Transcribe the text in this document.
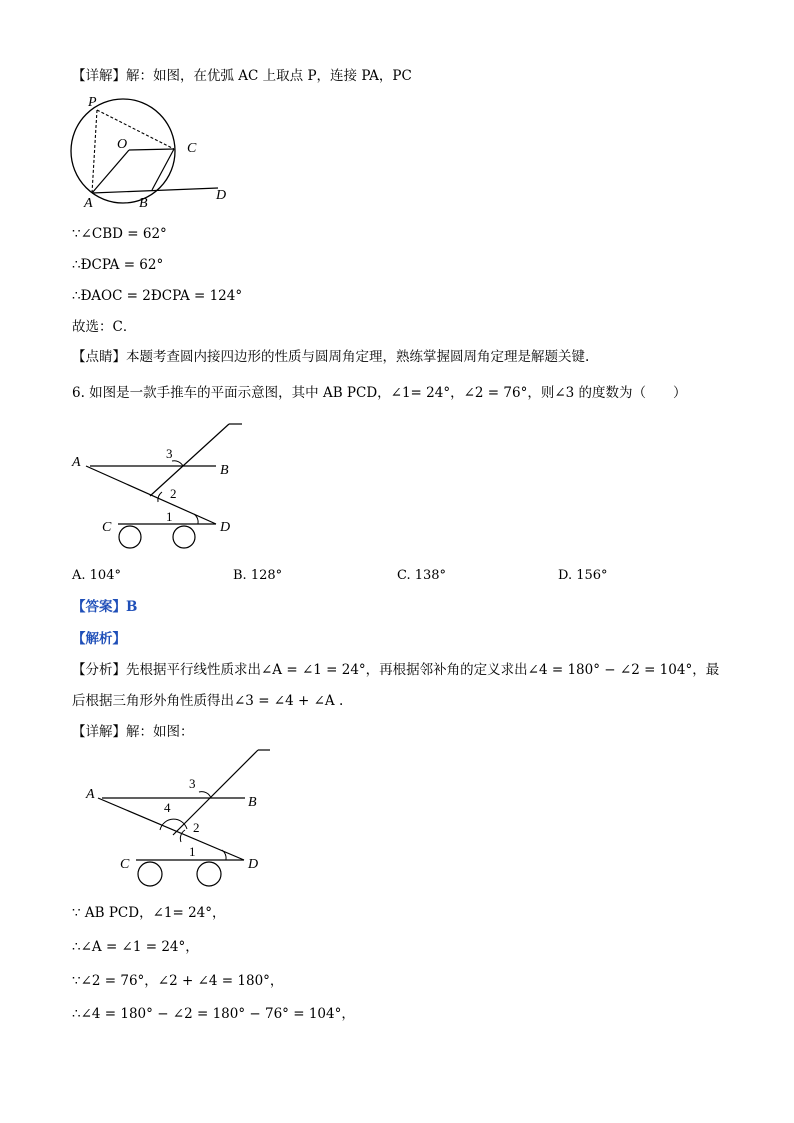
【详解】解：如图，在优弧 AC 上取点 P，连接 PA，PC
P
O	C
A	B
D
∵∠CBD = 62°
∴ÐCPA = 62°
∴ÐAOC = 2ÐCPA = 124°
故选：C．
【点睛】本题考查圆内接四边形的性质与圆周角定理，熟练掌握圆周角定理是解题关键.
6. 如图是一款手推车的平面示意图，其中 AB PCD，∠1= 24°，∠2 = 76°，则∠3 的度数为（　　）
A
B
C	D
3
2
1
A. 104°	B. 128°	C. 138°	D. 156°
【答案】B
【解析】
【分析】先根据平行线性质求出∠A = ∠1 = 24°，再根据邻补角的定义求出∠4 = 180° − ∠2 = 104°，最
后根据三角形外角性质得出∠3 = ∠4 + ∠A .
【详解】解：如图：
A
B
C	D
3
4
2
1
∵ AB PCD，∠1= 24°，
∴∠A = ∠1 = 24°，
∵∠2 = 76°，∠2 + ∠4 = 180°，
∴∠4 = 180° − ∠2 = 180° − 76° = 104°，
